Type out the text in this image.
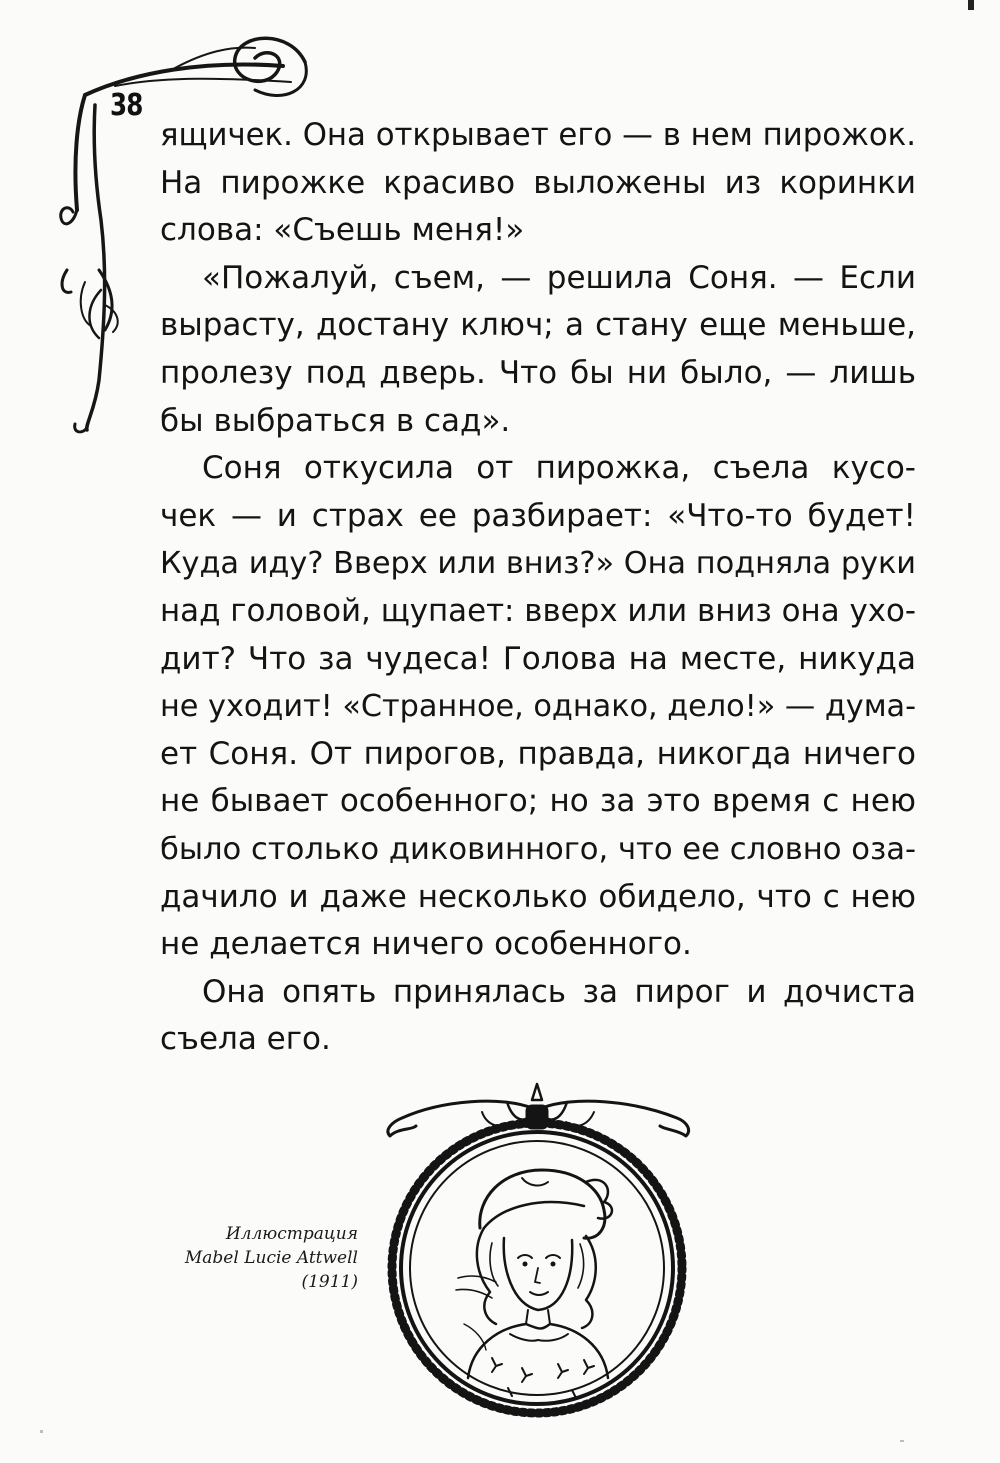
38

ящичек. Она открывает его — в нем пирожок.

На пирожке красиво выложены из коринки

слова: «Съешь меня!»

«Пожалуй, съем, — решила Соня. — Если

вырасту, достану ключ; а стану еще меньше,

пролезу под дверь. Что бы ни было, — лишь

бы выбраться в сад».

Соня откусила от пирожка, съела кусо-

чек — и страх ее разбирает: «Что-то будет!

Куда иду? Вверх или вниз?» Она подняла руки

над головой, щупает: вверх или вниз она ухо-

дит? Что за чудеса! Голова на месте, никуда

не уходит! «Странное, однако, дело!» — дума-

ет Соня. От пирогов, правда, никогда ничего

не бывает особенного; но за это время с нею

было столько диковинного, что ее словно оза-

дачило и даже несколько обидело, что с нею

не делается ничего особенного.

Она опять принялась за пирог и дочиста

съела его.

Иллюстрация
Mabel Lucie Attwell
(1911)
